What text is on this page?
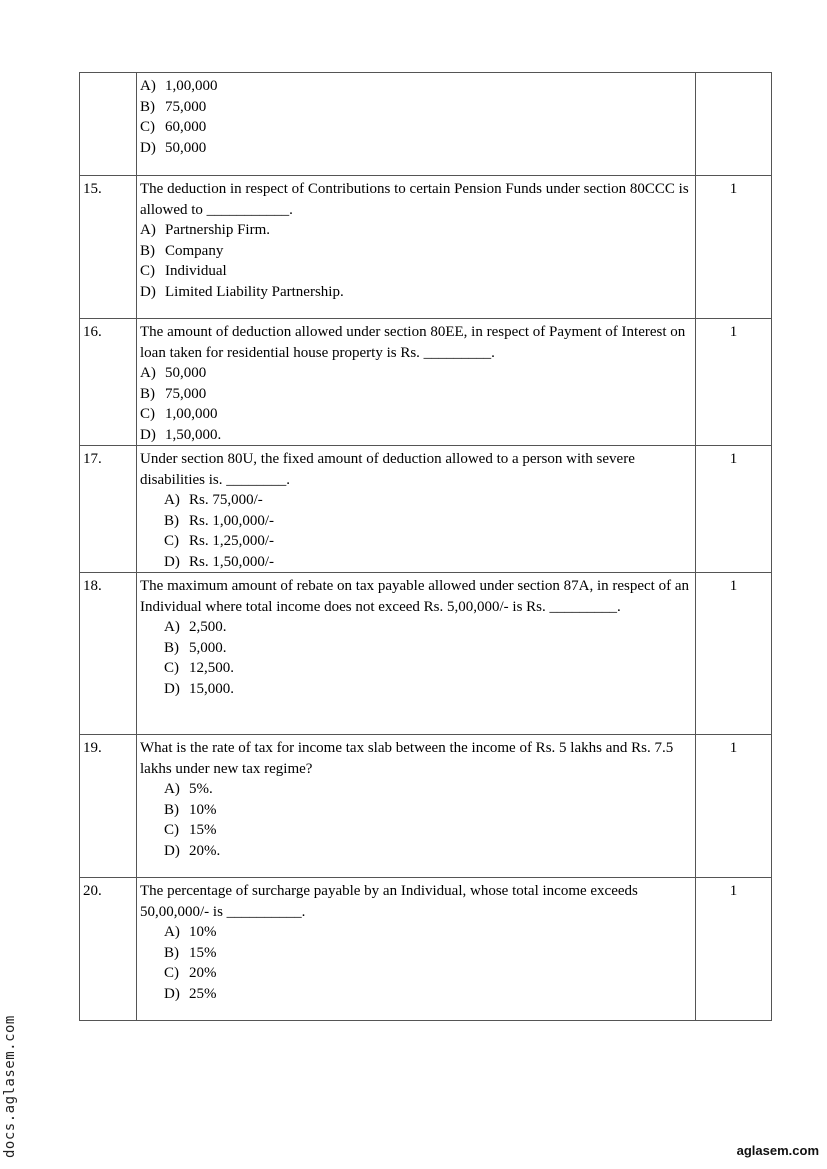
	A) 1,00,000
B) 75,000
C) 60,000
D) 50,000	

15.	The deduction in respect of Contributions to certain Pension Funds under section 80CCC is allowed to ___________.
A) Partnership Firm.
B) Company
C) Individual
D) Limited Liability Partnership.	1
16.	The amount of deduction allowed under section 80EE, in respect of Payment of Interest on loan taken for residential house property is Rs. _________.
A) 50,000
B) 75,000
C) 1,00,000
D) 1,50,000.	1
17.	Under section 80U, the fixed amount of deduction allowed to a person with severe disabilities is. ________.
A) Rs. 75,000/-
B) Rs. 1,00,000/-
C) Rs. 1,25,000/-
D) Rs. 1,50,000/-	1
18.	The maximum amount of rebate on tax payable allowed under section 87A, in respect of an Individual where total income does not exceed Rs. 5,00,000/- is Rs. _________.
A) 2,500.
B) 5,000.
C) 12,500.
D) 15,000.	1
19.	What is the rate of tax for income tax slab between the income of Rs. 5 lakhs and Rs. 7.5 lakhs under new tax regime?
A) 5%.
B) 10%
C) 15%
D) 20%.	1
20.	The percentage of surcharge payable by an Individual, whose total income exceeds 50,00,000/- is __________.
A) 10%
B) 15%
C) 20%
D) 25%	1
docs.aglasem.com	aglasem.com
